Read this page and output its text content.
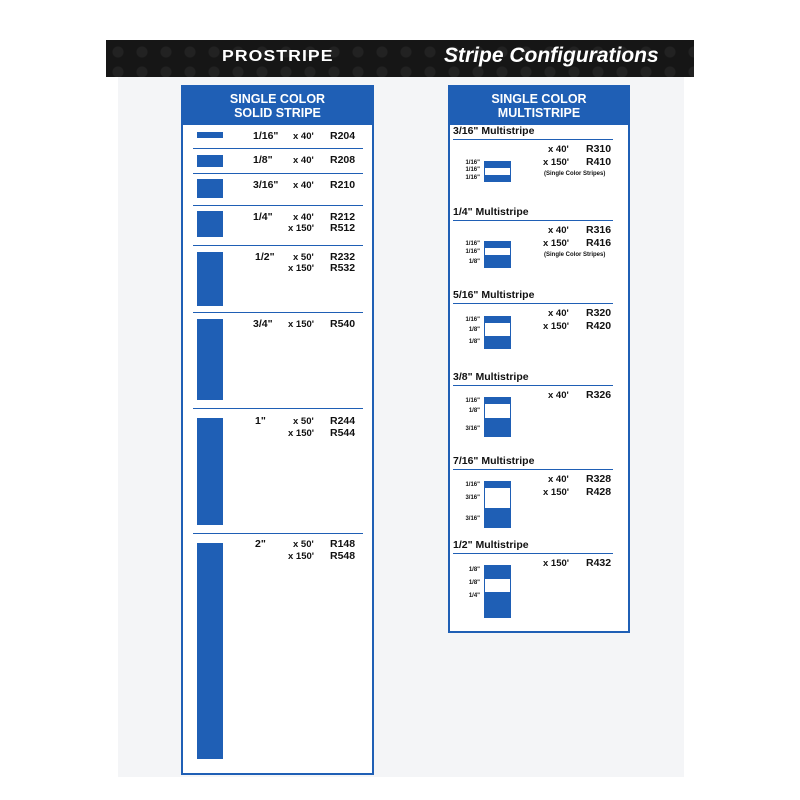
PROSTRIPE	Stripe Configurations
SINGLE COLOR
SOLID STRIPE
1/16" x 40' R204
1/8" x 40' R208
3/16" x 40' R210
1/4" x 40' R212
x 150' R512
1/2" x 50' R232
x 150' R532
3/4" x 150' R540
1"	x 50' R244
x 150' R544
2"	x 50' R148
x 150' R548
SINGLE COLOR
MULTISTRIPE
3/16" Multistripe
x 40' R310
x 150' R410
(Single Color Stripes)
1/16"
1/16"
1/16"
1/4" Multistripe
x 40' R316
x 150' R416
(Single Color Stripes)
1/16"
1/16"
1/8"
5/16" Multistripe
x 40' R320
x 150' R420
1/16"
1/8"
1/8"
3/8" Multistripe
x 40' R326
1/16"
1/8"
3/16"
7/16" Multistripe
x 40' R328
x 150' R428
1/16"
3/16"
3/16"
1/2" Multistripe
x 150' R432
1/8"
1/8"
1/4"
